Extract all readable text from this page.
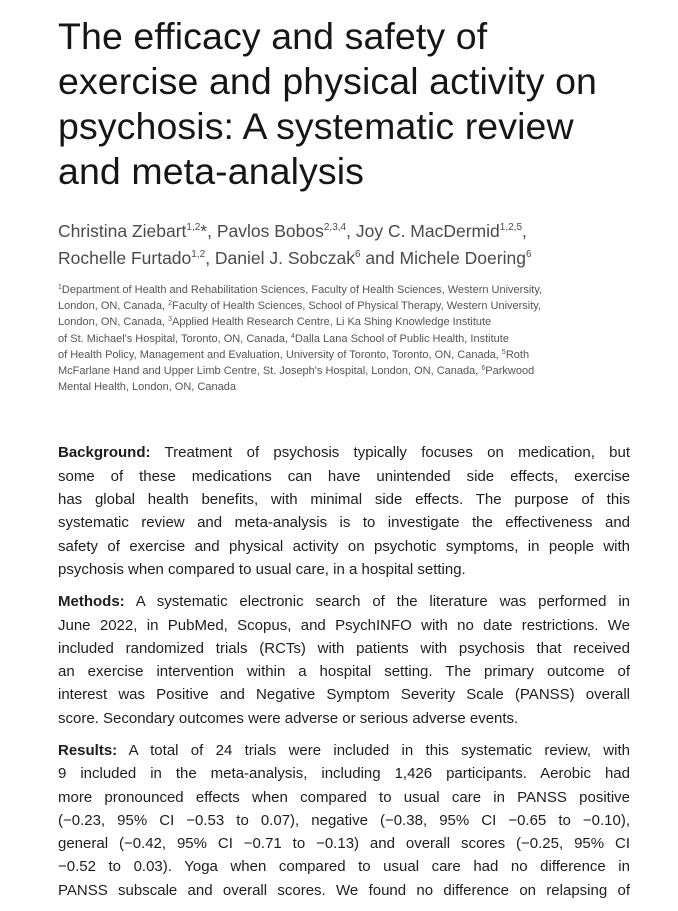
The efficacy and safety of
exercise and physical activity on
psychosis: A systematic review
and meta-analysis
Christina Ziebart$^{1,2}$*, Pavlos Bobos$^{2,3,4}$, Joy C. MacDermid$^{1,2,5}$,
Rochelle Furtado$^{1,2}$, Daniel J. Sobczak$^6$ and Michele Doering$^6$
$^1$Department of Health and Rehabilitation Sciences, Faculty of Health Sciences, Western University,
London, ON, Canada, $^2$Faculty of Health Sciences, School of Physical Therapy, Western University,
London, ON, Canada, $^3$Applied Health Research Centre, Li Ka Shing Knowledge Institute
of St. Michael's Hospital, Toronto, ON, Canada, $^4$Dalla Lana School of Public Health, Institute
of Health Policy, Management and Evaluation, University of Toronto, Toronto, ON, Canada, $^5$Roth
McFarlane Hand and Upper Limb Centre, St. Joseph's Hospital, London, ON, Canada, $^6$Parkwood
Mental Health, London, ON, Canada
Background: Treatment of psychosis typically focuses on medication, but
some of these medications can have unintended side effects, exercise
has global health benefits, with minimal side effects. The purpose of this
systematic review and meta-analysis is to investigate the effectiveness and
safety of exercise and physical activity on psychotic symptoms, in people with
psychosis when compared to usual care, in a hospital setting.
Methods: A systematic electronic search of the literature was performed in
June 2022, in PubMed, Scopus, and PsychINFO with no date restrictions. We
included randomized trials (RCTs) with patients with psychosis that received
an exercise intervention within a hospital setting. The primary outcome of
interest was Positive and Negative Symptom Severity Scale (PANSS) overall
score. Secondary outcomes were adverse or serious adverse events.
Results: A total of 24 trials were included in this systematic review, with
9 included in the meta-analysis, including 1,426 participants. Aerobic had
more pronounced effects when compared to usual care in PANSS positive
(−0.23, 95% CI −0.53 to 0.07), negative (−0.38, 95% CI −0.65 to −0.10),
general (−0.42, 95% CI −0.71 to −0.13) and overall scores (−0.25, 95% CI
−0.52 to 0.03). Yoga when compared to usual care had no difference in
PANSS subscale and overall scores. We found no difference on relapsing of
